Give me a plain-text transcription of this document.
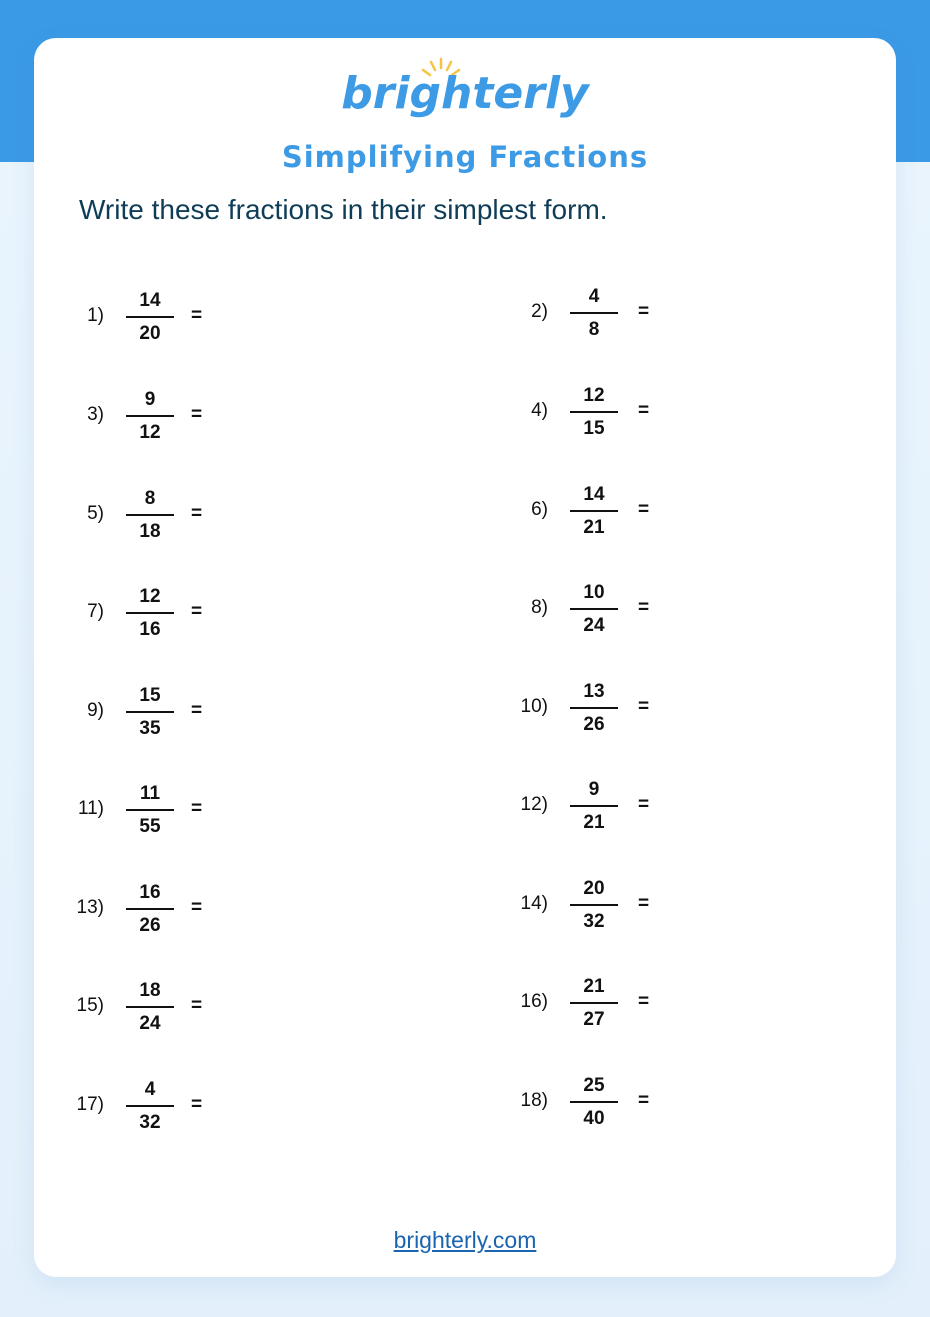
brighterly
Simplifying Fractions
Write these fractions in their simplest form.
1)
14
20
=	2)
4
8
=
3)
9
12
=	4)
12
15
=
5)
8
18
=	6)
14
21
=
7)
12
16
=	8)
10
24
=
9)
15
35
=	10)
13
26
=
11)
11
55
=	12)
9
21
=
13)
16
26
=	14)
20
32
=
15)
18
24
=	16)
21
27
=
17)
4
32
=	18)
25
40
=
brighterly.com
